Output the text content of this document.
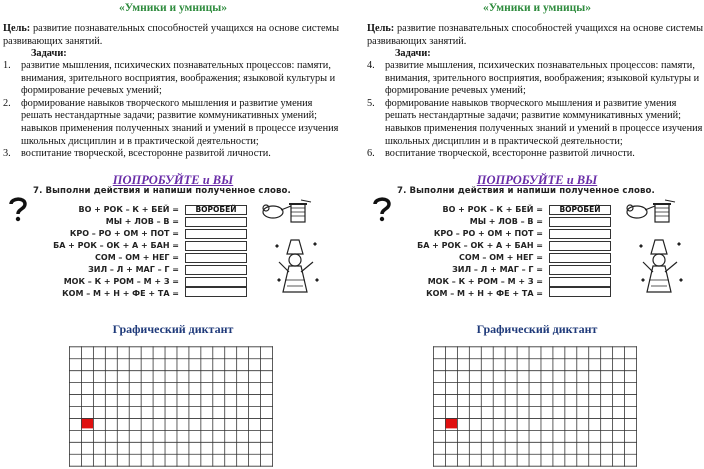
«Умники и умницы»

Цель: развитие познавательных способностей учащихся на основе системы развивающих занятий.

Задачи:
1. развитие мышления, психических познавательных процессов: памяти, внимания, зрительного восприятия, воображения; языковой культуры и формирование речевых умений;
2. формирование навыков творческого мышления и развитие умения решать нестандартные задачи; развитие коммуникативных умений; навыков применения полученных знаний и умений в процессе изучения школьных дисциплин и в практической деятельности;
3. воспитание творческой, всесторонне развитой личности.
ПОПРОБУЙТЕ и ВЫ
7. Выполни действия и напиши полученное слово.
ВО + РОК – К + БЕЙ =	ВОРОБЕЙ
МЫ + ЛОВ – В =
КРО – РО + ОМ + ПОТ =
БА + РОК – ОК + А + БАН =
СОМ – ОМ + НЕГ =
ЗИЛ – Л + МАГ – Г =
МОК – К + РОМ – М + З =
КОМ – М + Н + ФЕ + ТА =
Графический диктант
«Умники и умницы»

Цель: развитие познавательных способностей учащихся на основе системы развивающих занятий.

Задачи:
4. развитие мышления, психических познавательных процессов: памяти, внимания, зрительного восприятия, воображения; языковой культуры и формирование речевых умений;
5. формирование навыков творческого мышления и развитие умения решать нестандартные задачи; развитие коммуникативных умений; навыков применения полученных знаний и умений в процессе изучения школьных дисциплин и в практической деятельности;
6. воспитание творческой, всесторонне развитой личности.
ПОПРОБУЙТЕ и ВЫ
7. Выполни действия и напиши полученное слово.
ВО + РОК – К + БЕЙ =	ВОРОБЕЙ
МЫ + ЛОВ – В =
КРО – РО + ОМ + ПОТ =
БА + РОК – ОК + А + БАН =
СОМ – ОМ + НЕГ =
ЗИЛ – Л + МАГ – Г =
МОК – К + РОМ – М + З =
КОМ – М + Н + ФЕ + ТА =
Графический диктант
